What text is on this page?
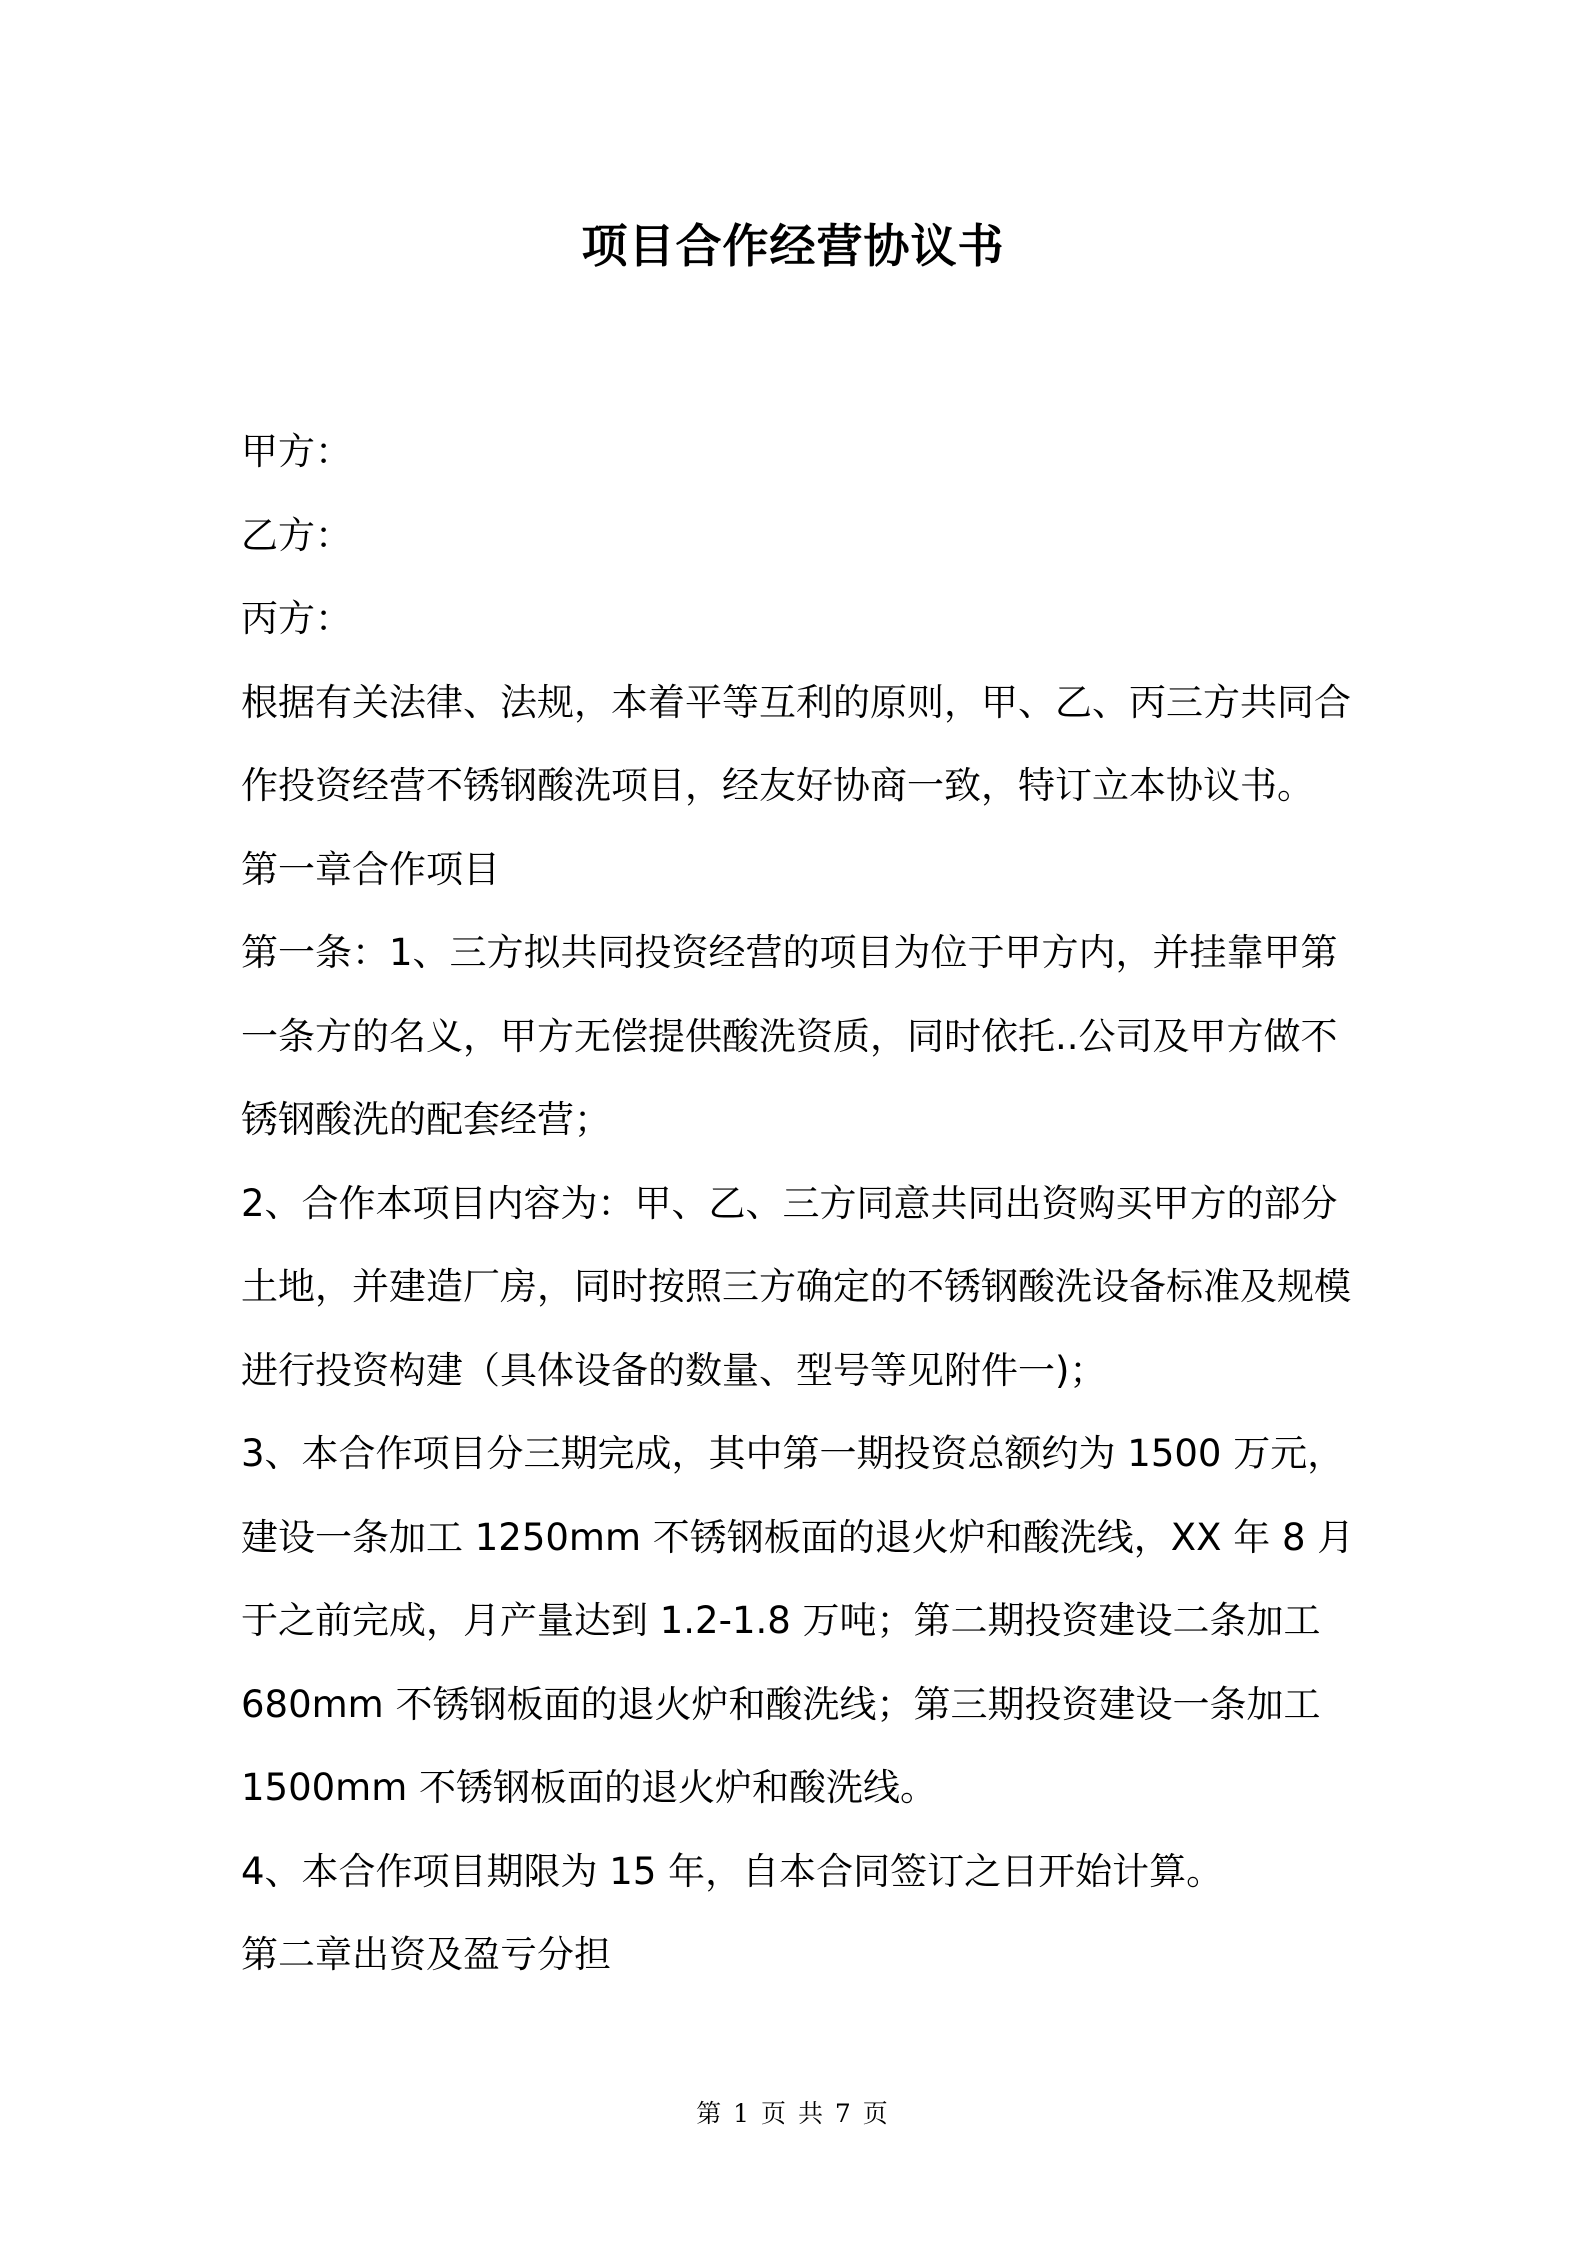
项目合作经营协议书
甲方：
乙方：
丙方：
根据有关法律、法规，本着平等互利的原则，甲、乙、丙三方共同合
作投资经营不锈钢酸洗项目，经友好协商一致，特订立本协议书。
第一章合作项目
第一条：1、三方拟共同投资经营的项目为位于甲方内，并挂靠甲第
一条方的名义，甲方无偿提供酸洗资质，同时依托..公司及甲方做不
锈钢酸洗的配套经营；
2、合作本项目内容为：甲、乙、三方同意共同出资购买甲方的部分
土地，并建造厂房，同时按照三方确定的不锈钢酸洗设备标准及规模
进行投资构建（具体设备的数量、型号等见附件一)；
3、本合作项目分三期完成，其中第一期投资总额约为 1500 万元，
建设一条加工 1250mm 不锈钢板面的退火炉和酸洗线，XX 年 8 月
于之前完成，月产量达到 1.2-1.8 万吨；第二期投资建设二条加工
680mm 不锈钢板面的退火炉和酸洗线；第三期投资建设一条加工
1500mm 不锈钢板面的退火炉和酸洗线。
4、本合作项目期限为 15 年，自本合同签订之日开始计算。
第二章出资及盈亏分担
第 1 页 共 7 页
